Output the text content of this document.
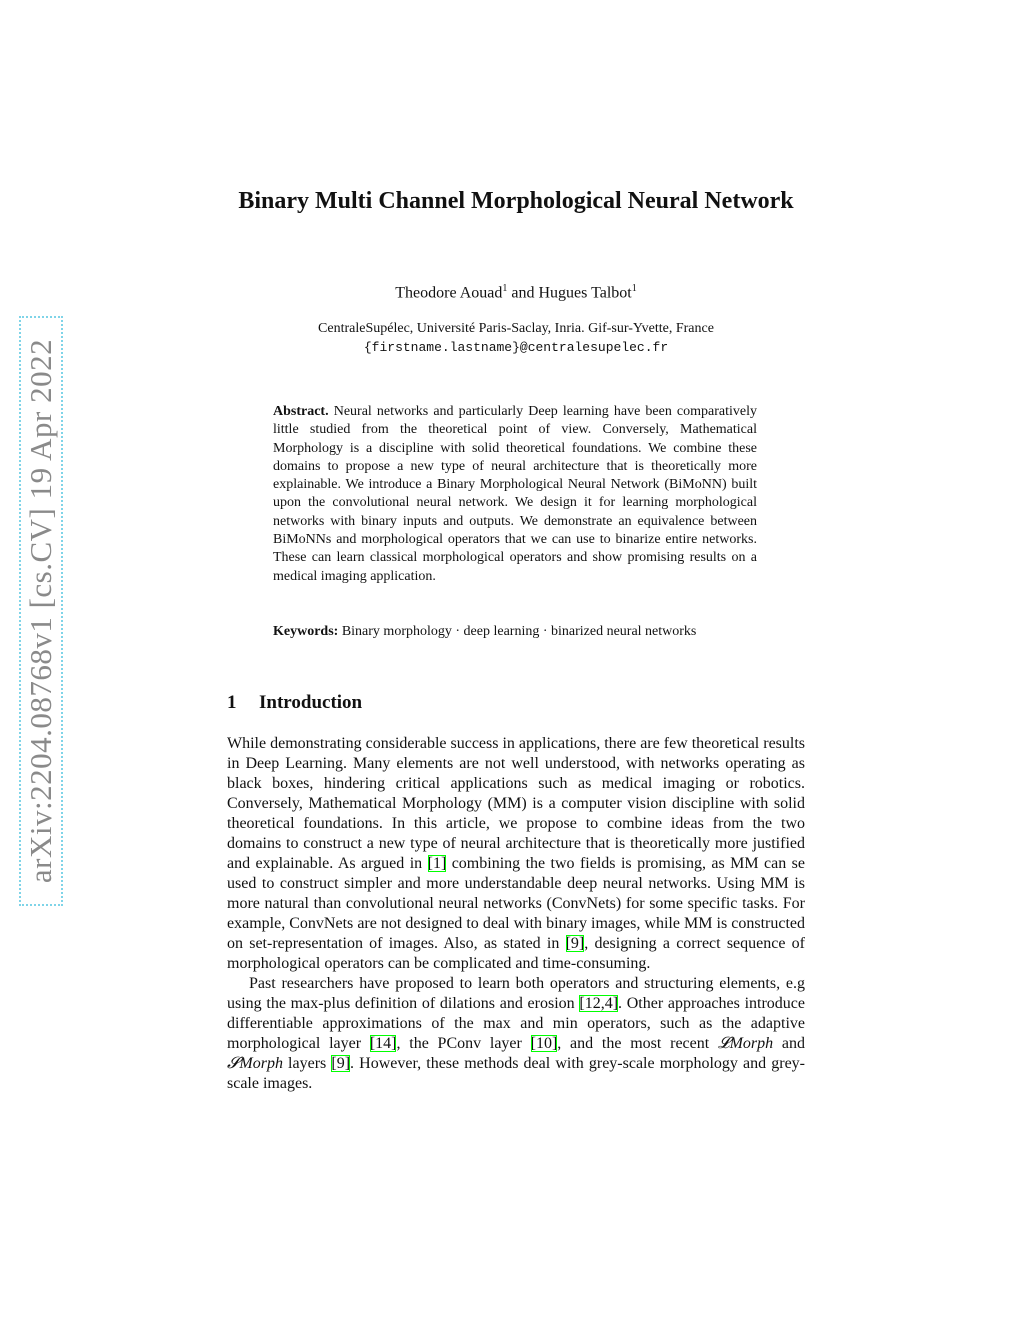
arXiv:2204.08768v1 [cs.CV] 19 Apr 2022
Binary Multi Channel Morphological Neural Network
Theodore Aouad$^1$ and Hugues Talbot$^1$
CentraleSupélec, Université Paris-Saclay, Inria. Gif-sur-Yvette, France
{firstname.lastname}@centralesupelec.fr
Abstract. Neural networks and particularly Deep learning have been comparatively little studied from the theoretical point of view. Conversely, Mathematical Morphology is a discipline with solid theoretical foundations. We combine these domains to propose a new type of neural architecture that is theoretically more explainable. We introduce a Binary Morphological Neural Network (BiMoNN) built upon the convolutional neural network. We design it for learning morphological networks with binary inputs and outputs. We demonstrate an equivalence between BiMoNNs and morphological operators that we can use to binarize entire networks. These can learn classical morphological operators and show promising results on a medical imaging application.
Keywords: Binary morphology · deep learning · binarized neural networks
1 Introduction

While demonstrating considerable success in applications, there are few theoretical results in Deep Learning. Many elements are not well understood, with networks operating as black boxes, hindering critical applications such as medical imaging or robotics. Conversely, Mathematical Morphology (MM) is a computer vision discipline with solid theoretical foundations. In this article, we propose to combine ideas from the two domains to construct a new type of neural architecture that is theoretically more justified and explainable. As argued in [1] combining the two fields is promising, as MM can se used to construct simpler and more understandable deep neural networks. Using MM is more natural than convolutional neural networks (ConvNets) for some specific tasks. For example, ConvNets are not designed to deal with binary images, while MM is constructed on set-representation of images. Also, as stated in [9], designing a correct sequence of morphological operators can be complicated and time-consuming.

Past researchers have proposed to learn both operators and structuring elements, e.g using the max-plus definition of dilations and erosion [12,4]. Other approaches introduce differentiable approximations of the max and min operators, such as the adaptive morphological layer [14], the PConv layer [10], and the most recent 𝓛Morph and 𝓢Morph layers [9]. However, these methods deal with grey-scale morphology and grey-scale images.
